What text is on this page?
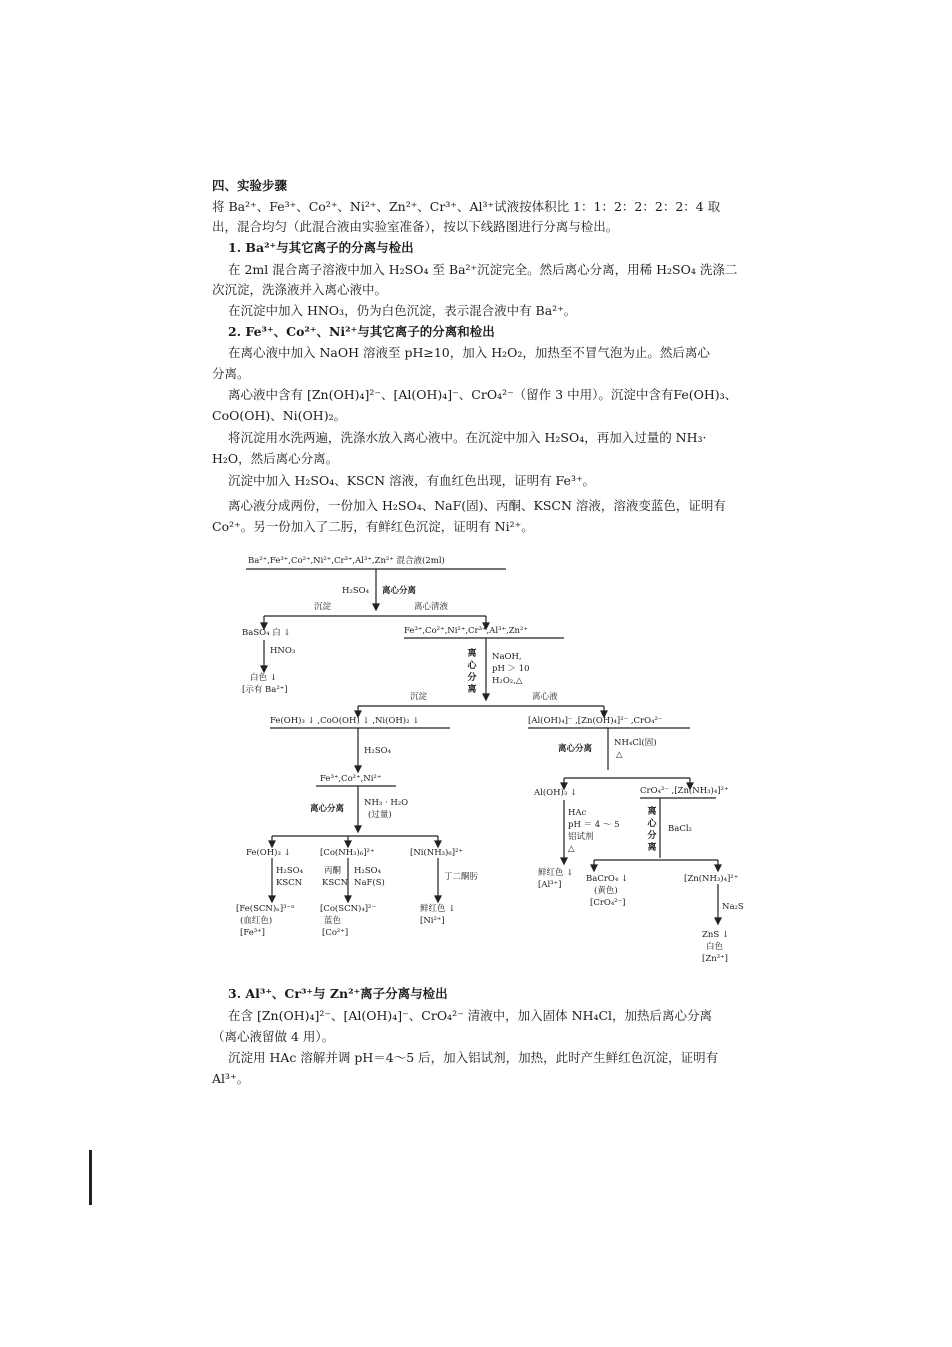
四、实验步骤
将 Ba²⁺、Fe³⁺、Co²⁺、Ni²⁺、Zn²⁺、Cr³⁺、Al³⁺试液按体积比 1：1：2：2：2：2：4 取
出，混合均匀（此混合液由实验室准备），按以下线路图进行分离与检出。
1. Ba²⁺与其它离子的分离与检出
在 2ml 混合离子溶液中加入 H₂SO₄ 至 Ba²⁺沉淀完全。然后离心分离，用稀 H₂SO₄ 洗涤二
次沉淀，洗涤液并入离心液中。
在沉淀中加入 HNO₃，仍为白色沉淀，表示混合液中有 Ba²⁺。
2. Fe³⁺、Co²⁺、Ni²⁺与其它离子的分离和检出
在离心液中加入 NaOH 溶液至 pH≥10，加入 H₂O₂，加热至不冒气泡为止。然后离心
分离。
离心液中含有 [Zn(OH)₄]²⁻、[Al(OH)₄]⁻、CrO₄²⁻（留作 3 中用）。沉淀中含有Fe(OH)₃、
CoO(OH)、Ni(OH)₂。
将沉淀用水洗两遍，洗涤水放入离心液中。在沉淀中加入 H₂SO₄，再加入过量的 NH₃·
H₂O，然后离心分离。
沉淀中加入 H₂SO₄、KSCN 溶液，有血红色出现，证明有 Fe³⁺。
离心液分成两份，一份加入 H₂SO₄、NaF(固)、丙酮、KSCN 溶液，溶液变蓝色，证明有
Co²⁺。另一份加入了二肟，有鲜红色沉淀，证明有 Ni²⁺。
Ba²⁺,Fe³⁺,Co²⁺,Ni²⁺,Cr³⁺,Al³⁺,Zn²⁺ 混合液(2ml)
H₂SO₄ 离心分离
沉淀	离心清液
BaSO₄ 白 ↓
HNO₃
白色 ↓
[示有 Ba²⁺]
Fe³⁺,Co²⁺,Ni²⁺,Cr³⁺,Al³⁺,Zn²⁺
离
心
分
离
NaOH,
pH ＞ 10
H₂O₂,△
沉淀	离心液
Fe(OH)₃ ↓ ,CoO(OH) ↓ ,Ni(OH)₂ ↓
H₂SO₄
Fe³⁺,Co²⁺,Ni²⁺
离心分离
NH₃ · H₂O
(过量)
Fe(OH)₃ ↓	[Co(NH₃)₆]²⁺	[Ni(NH₃)₆]²⁺
H₂SO₄
KSCN
丙酮
KSCN
H₂SO₄
NaF(S)
丁二酮肟
[Fe(SCN)ₙ]³⁻ⁿ
(血红色)
[Fe³⁺]
[Co(SCN)₄]²⁻
蓝色
[Co²⁺]
鲜红色 ↓
[Ni²⁺]
[Al(OH)₄]⁻ ,[Zn(OH)₄]²⁻ ,CrO₄²⁻
离心分离
NH₄Cl(固)
△
Al(OH)₃ ↓	CrO₄²⁻ ,[Zn(NH₃)₄]²⁺
HAc
pH ＝ 4 ～ 5
铝试剂
△
离
心
分
离
BaCl₂
鲜红色 ↓
[Al³⁺]
BaCrO₄ ↓
(黄色)
[CrO₄²⁻]
[Zn(NH₃)₄]²⁺
Na₂S
ZnS ↓
白色
[Zn²⁺]
3. Al³⁺、Cr³⁺与 Zn²⁺离子分离与检出
在含 [Zn(OH)₄]²⁻、[Al(OH)₄]⁻、CrO₄²⁻ 清液中，加入固体 NH₄Cl，加热后离心分离
（离心液留做 4 用）。
沉淀用 HAc 溶解并调 pH＝4～5 后，加入铝试剂，加热，此时产生鲜红色沉淀，证明有
Al³⁺。
